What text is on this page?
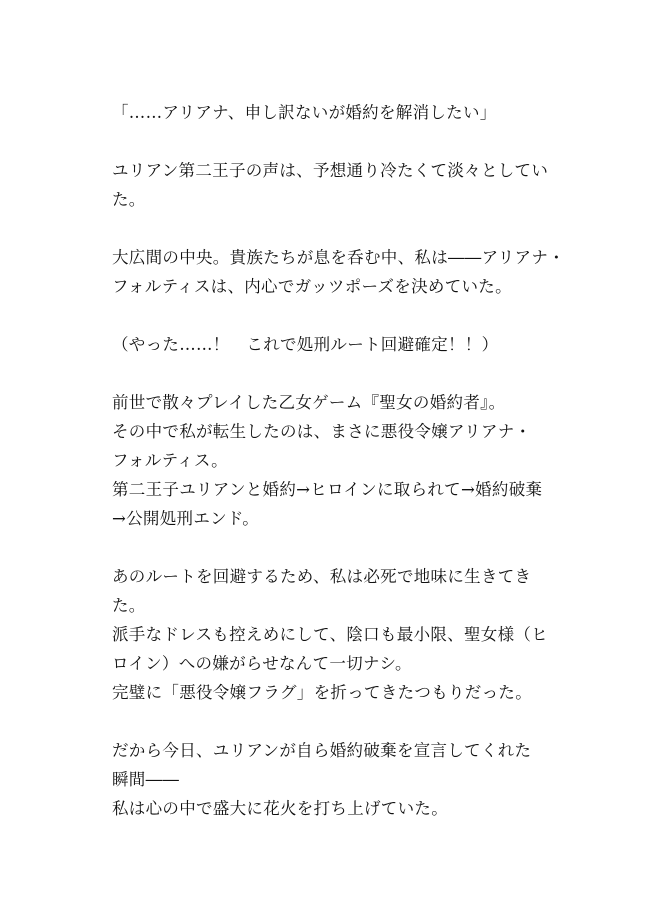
「……アリアナ、申し訳ないが婚約を解消したい」
ユリアン第二王子の声は、予想通り冷たくて淡々としてい
た。
大広間の中央。貴族たちが息を呑む中、私は――アリアナ・
フォルティスは、内心でガッツポーズを決めていた。
（やった……！　これで処刑ルート回避確定！！）
前世で散々プレイした乙女ゲーム『聖女の婚約者』。
その中で私が転生したのは、まさに悪役令嬢アリアナ・
フォルティス。
第二王子ユリアンと婚約→ヒロインに取られて→婚約破棄
→公開処刑エンド。
あのルートを回避するため、私は必死で地味に生きてき
た。
派手なドレスも控えめにして、陰口も最小限、聖女様（ヒ
ロイン）への嫌がらせなんて一切ナシ。
完璧に「悪役令嬢フラグ」を折ってきたつもりだった。
だから今日、ユリアンが自ら婚約破棄を宣言してくれた
瞬間――
私は心の中で盛大に花火を打ち上げていた。
